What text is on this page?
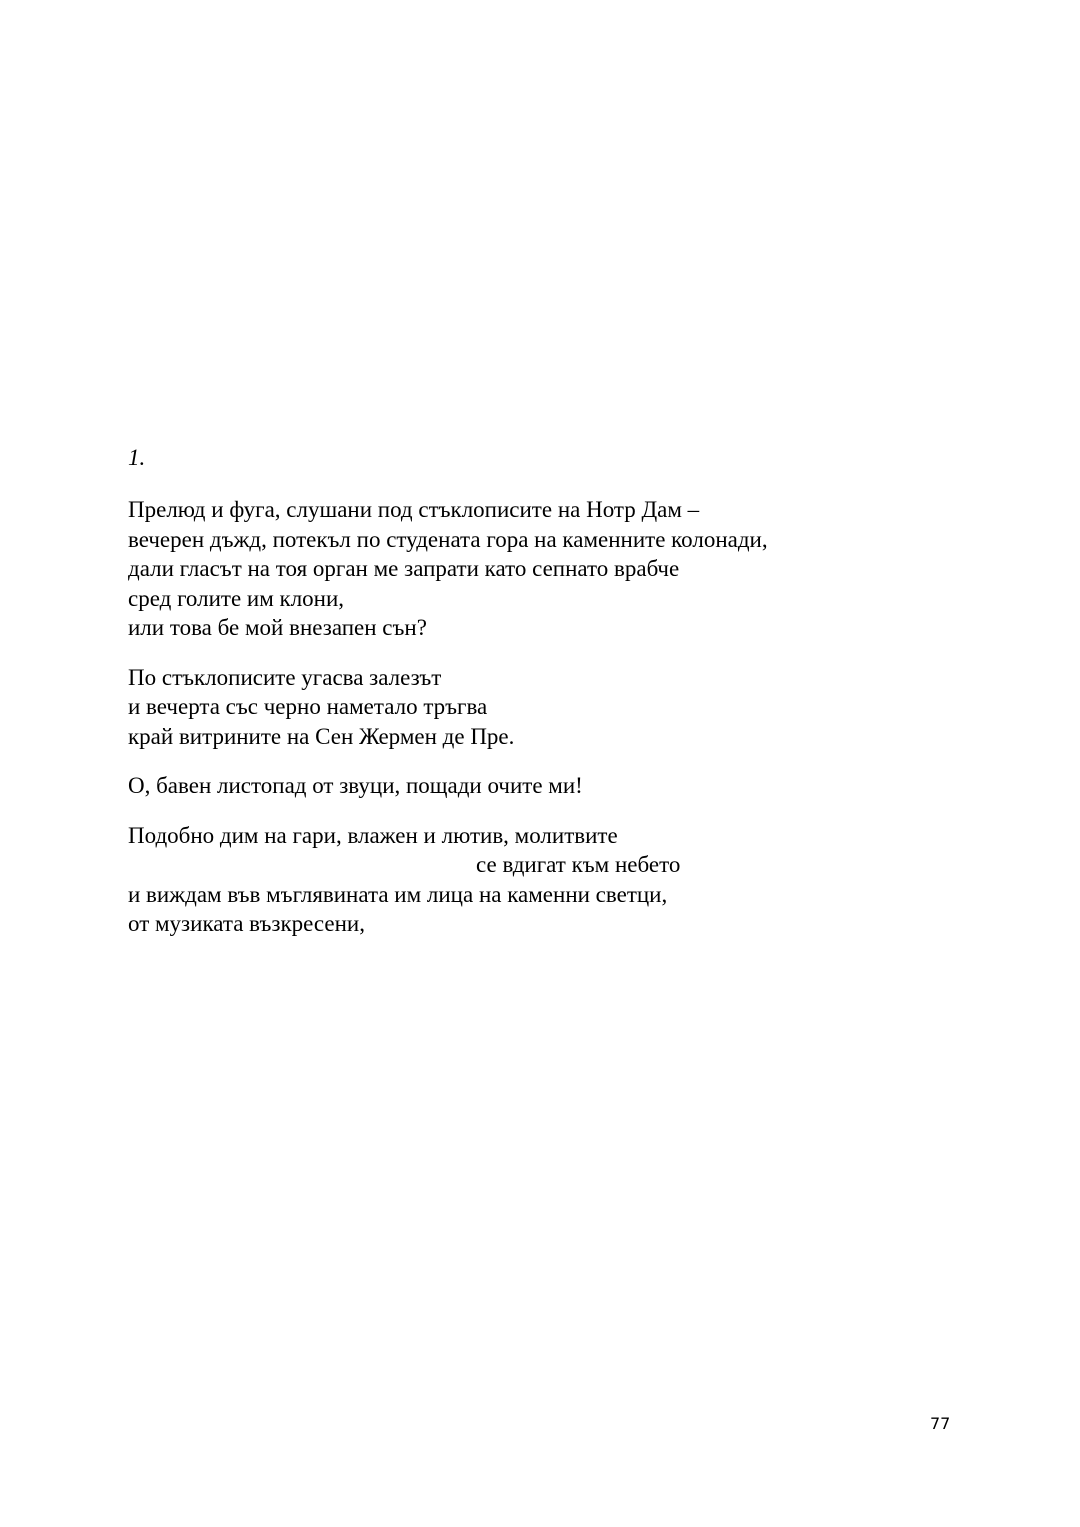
1.

Прелюд и фуга, слушани под стъклописите на Нотр Дам –
вечерен дъжд, потекъл по студената гора на каменните колонади,
дали гласът на тоя орган ме запрати като сепнато врабче
сред голите им клони,
или това бе мой внезапен сън?
По стъклописите угасва залезът
и вечерта със черно наметало тръгва
край витрините на Сен Жермен де Пре.
О, бавен листопад от звуци, пощади очите ми!
Подобно дим на гари, влажен и лютив, молитвите
се вдигат към небето
и виждам във мъглявината им лица на каменни светци,
от музиката възкресени,
77
